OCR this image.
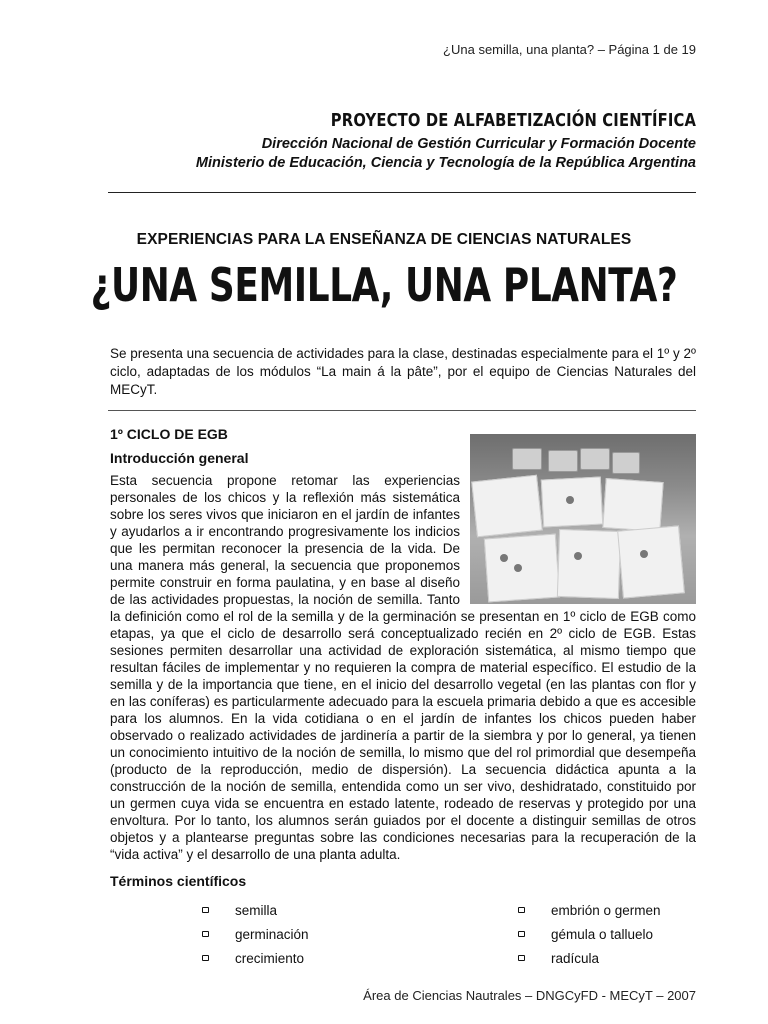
¿Una semilla, una planta? – Página 1 de 19
PROYECTO DE ALFABETIZACIÓN CIENTÍFICA
Dirección Nacional de Gestión Curricular y Formación Docente
Ministerio de Educación, Ciencia y Tecnología de la República Argentina
EXPERIENCIAS PARA LA ENSEÑANZA DE CIENCIAS NATURALES
¿UNA SEMILLA, UNA PLANTA?
Se presenta una secuencia de actividades para la clase, destinadas especialmente para el 1º y 2º ciclo, adaptadas de los módulos “La main á la pâte”, por el equipo de Ciencias Naturales del MECyT.
1º CICLO DE EGB
Introducción general
Esta secuencia propone retomar las experiencias personales de los chicos y la reflexión más sistemática sobre los seres vivos que iniciaron en el jardín de infantes y ayudarlos a ir encontrando progresivamente los indicios que les permitan reconocer la presencia de la vida. De una manera más general, la secuencia que proponemos permite construir en forma paulatina, y en base al diseño de las actividades propuestas, la noción de semilla. Tanto la definición como el rol de la semilla y de la germinación se presentan en 1º ciclo de EGB como etapas, ya que el ciclo de desarrollo será conceptualizado recién en 2º ciclo de EGB. Estas sesiones permiten desarrollar una actividad de exploración sistemática, al mismo tiempo que resultan fáciles de implementar y no requieren la compra de material específico. El estudio de la semilla y de la importancia que tiene, en el inicio del desarrollo vegetal (en las plantas con flor y en las coníferas) es particularmente adecuado para la escuela primaria debido a que es accesible para los alumnos. En la vida cotidiana o en el jardín de infantes los chicos pueden haber observado o realizado actividades de jardinería a partir de la siembra y por lo general, ya tienen un conocimiento intuitivo de la noción de semilla, lo mismo que del rol primordial que desempeña (producto de la reproducción, medio de dispersión). La secuencia didáctica apunta a la construcción de la noción de semilla, entendida como un ser vivo, deshidratado, constituido por un germen cuya vida se encuentra en estado latente, rodeado de reservas y protegido por una envoltura. Por lo tanto, los alumnos serán guiados por el docente a distinguir semillas de otros objetos y a plantearse preguntas sobre las condiciones necesarias para la recuperación de la “vida activa” y el desarrollo de una planta adulta.
Términos científicos
semilla
germinación
crecimiento
embrión o germen
gémula o talluelo
radícula
Área de Ciencias Nautrales – DNGCyFD - MECyT – 2007
